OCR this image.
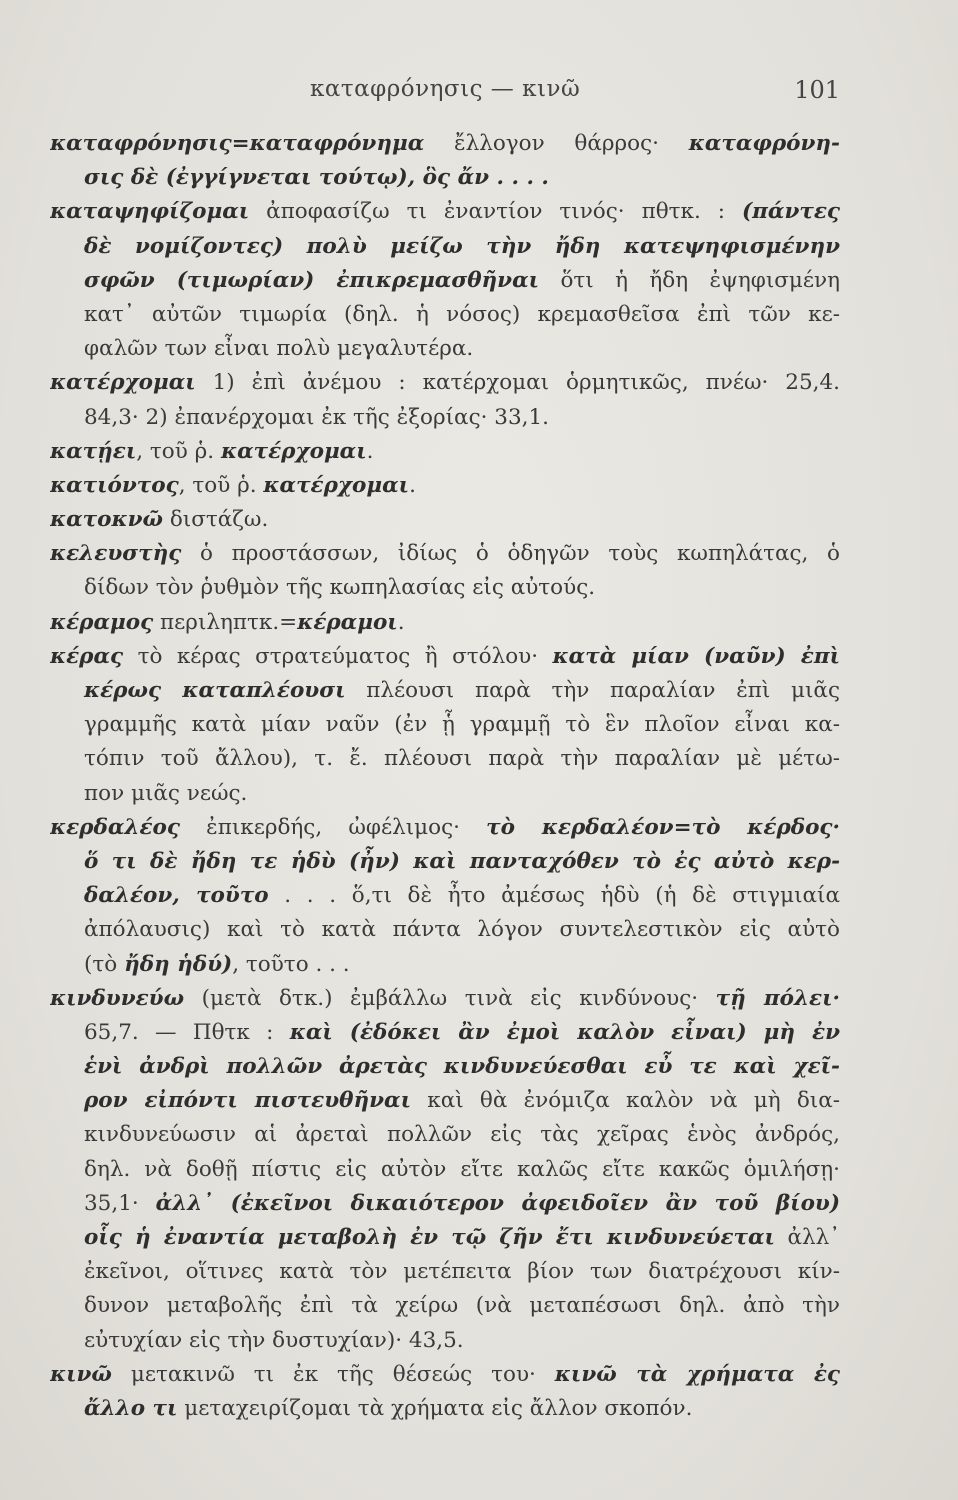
καταφρόνησις — κινῶ	101
καταφρόνησις=καταφρόνημα ἔλλογον θάρρος· καταφρόνη-
σις δὲ (ἐγγίγνεται τούτῳ), ὃς ἄν . . . .
καταψηφίζομαι ἀποφασίζω τι ἐναντίον τινός· πθτκ. : (πάντες
δὲ νομίζοντες) πολὺ μείζω τὴν ἤδη κατεψηφισμένην
σφῶν (τιμωρίαν) ἐπικρεμασθῆναι ὅτι ἡ ἤδη ἐψηφισμένη
κατ᾽ αὐτῶν τιμωρία (δηλ. ἡ νόσος) κρεμασθεῖσα ἐπὶ τῶν κε-
φαλῶν των εἶναι πολὺ μεγαλυτέρα.
κατέρχομαι 1) ἐπὶ ἀνέμου : κατέρχομαι ὁρμητικῶς, πνέω· 25,4.
84,3· 2) ἐπανέρχομαι ἐκ τῆς ἐξορίας· 33,1.
κατῄει, τοῦ ῥ. κατέρχομαι.
κατιόντος, τοῦ ῥ. κατέρχομαι.
κατοκνῶ διστάζω.
κελευστὴς ὁ προστάσσων, ἰδίως ὁ ὁδηγῶν τοὺς κωπηλάτας, ὁ
δίδων τὸν ῥυθμὸν τῆς κωπηλασίας εἰς αὐτούς.
κέραμος περιληπτκ.=κέραμοι.
κέρας τὸ κέρας στρατεύματος ἢ στόλου· κατὰ μίαν (ναῦν) ἐπὶ
κέρως καταπλέουσι πλέουσι παρὰ τὴν παραλίαν ἐπὶ μιᾶς
γραμμῆς κατὰ μίαν ναῦν (ἐν ᾗ γραμμῇ τὸ ἓν πλοῖον εἶναι κα-
τόπιν τοῦ ἄλλου), τ. ἔ. πλέουσι παρὰ τὴν παραλίαν μὲ μέτω-
πον μιᾶς νεώς.
κερδαλέος ἐπικερδής, ὠφέλιμος· τὸ κερδαλέον=τὸ κέρδος·
ὅ τι δὲ ἤδη τε ἡδὺ (ἦν) καὶ πανταχόθεν τὸ ἐς αὐτὸ κερ-
δαλέον, τοῦτο . . . ὅ,τι δὲ ἦτο ἀμέσως ἡδὺ (ἡ δὲ στιγμιαία
ἀπόλαυσις) καὶ τὸ κατὰ πάντα λόγον συντελεστικὸν εἰς αὐτὸ
(τὸ ἤδη ἡδύ), τοῦτο . . .
κινδυνεύω (μετὰ δτκ.) ἐμβάλλω τινὰ εἰς κινδύνους· τῇ πόλει·
65,7. — Πθτκ : καὶ (ἐδόκει ἂν ἐμοὶ καλὸν εἶναι) μὴ ἐν
ἑνὶ ἀνδρὶ πολλῶν ἀρετὰς κινδυνεύεσθαι εὖ τε καὶ χεῖ-
ρον εἰπόντι πιστευθῆναι καὶ θὰ ἐνόμιζα καλὸν νὰ μὴ δια-
κινδυνεύωσιν αἱ ἀρεταὶ πολλῶν εἰς τὰς χεῖρας ἑνὸς ἀνδρός,
δηλ. νὰ δοθῇ πίστις εἰς αὐτὸν εἴτε καλῶς εἴτε κακῶς ὁμιλήσῃ·
35,1· ἀλλ᾽ (ἐκεῖνοι δικαιότερον ἀφειδοῖεν ἂν τοῦ βίου)
οἷς ἡ ἐναντία μεταβολὴ ἐν τῷ ζῆν ἔτι κινδυνεύεται ἀλλ᾽
ἐκεῖνοι, οἵτινες κατὰ τὸν μετέπειτα βίον των διατρέχουσι κίν-
δυνον μεταβολῆς ἐπὶ τὰ χείρω (νὰ μεταπέσωσι δηλ. ἀπὸ τὴν
εὐτυχίαν εἰς τὴν δυστυχίαν)· 43,5.
κινῶ μετακινῶ τι ἐκ τῆς θέσεώς του· κινῶ τὰ χρήματα ἐς
ἄλλο τι μεταχειρίζομαι τὰ χρήματα εἰς ἄλλον σκοπόν.
